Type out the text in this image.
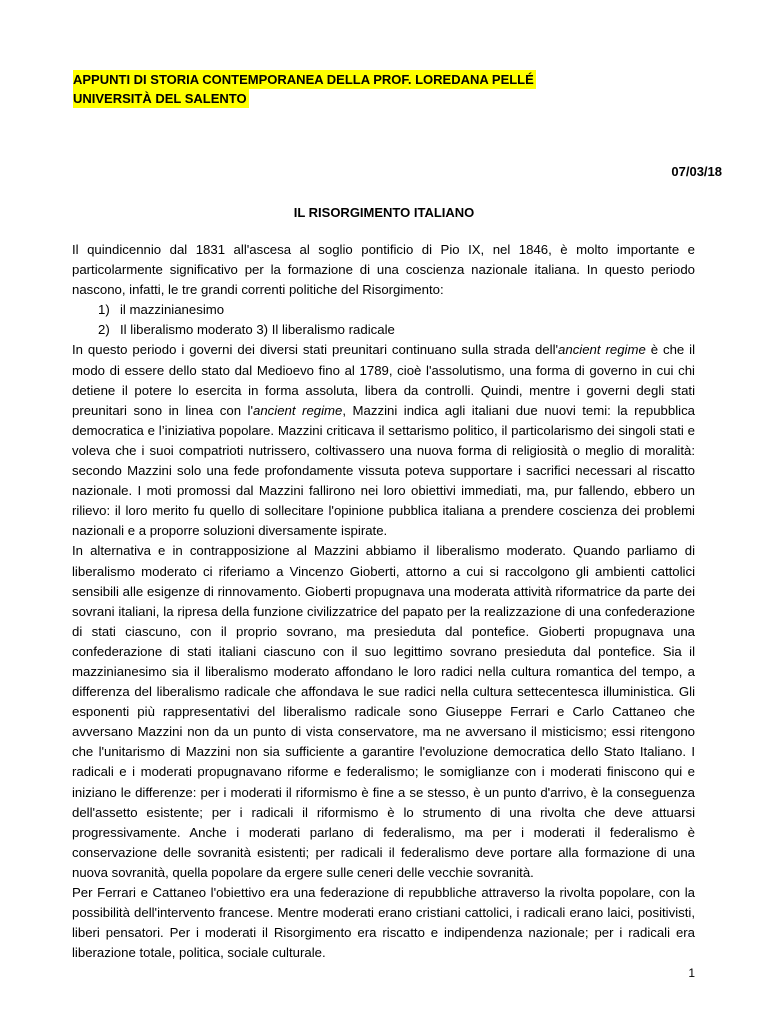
APPUNTI DI STORIA CONTEMPORANEA DELLA PROF. LOREDANA PELLÉ
UNIVERSITÀ DEL SALENTO
07/03/18
IL RISORGIMENTO ITALIANO

Il quindicennio dal 1831 all'ascesa al soglio pontificio di Pio IX, nel 1846, è molto importante e particolarmente significativo per la formazione di una coscienza nazionale italiana. In questo periodo nascono, infatti, le tre grandi correnti politiche del Risorgimento:

1) il mazzinianesimo
2) Il liberalismo moderato 3) Il liberalismo radicale

In questo periodo i governi dei diversi stati preunitari continuano sulla strada dell'ancient regime è che il modo di essere dello stato dal Medioevo fino al 1789, cioè l'assolutismo, una forma di governo in cui chi detiene il potere lo esercita in forma assoluta, libera da controlli. Quindi, mentre i governi degli stati preunitari sono in linea con l'ancient regime, Mazzini indica agli italiani due nuovi temi: la repubblica democratica e l’iniziativa popolare. Mazzini criticava il settarismo politico, il particolarismo dei singoli stati e voleva che i suoi compatrioti nutrissero, coltivassero una nuova forma di religiosità o meglio di moralità: secondo Mazzini solo una fede profondamente vissuta poteva supportare i sacrifici necessari al riscatto nazionale. I moti promossi dal Mazzini fallirono nei loro obiettivi immediati, ma, pur fallendo, ebbero un rilievo: il loro merito fu quello di sollecitare l'opinione pubblica italiana a prendere coscienza dei problemi nazionali e a proporre soluzioni diversamente ispirate.

In alternativa e in contrapposizione al Mazzini abbiamo il liberalismo moderato. Quando parliamo di liberalismo moderato ci riferiamo a Vincenzo Gioberti, attorno a cui si raccolgono gli ambienti cattolici sensibili alle esigenze di rinnovamento. Gioberti propugnava una moderata attività riformatrice da parte dei sovrani italiani, la ripresa della funzione civilizzatrice del papato per la realizzazione di una confederazione di stati ciascuno, con il proprio sovrano, ma presieduta dal pontefice. Gioberti propugnava una confederazione di stati italiani ciascuno con il suo legittimo sovrano presieduta dal pontefice. Sia il mazzinianesimo sia il liberalismo moderato affondano le loro radici nella cultura romantica del tempo, a differenza del liberalismo radicale che affondava le sue radici nella cultura settecentesca illuministica. Gli esponenti più rappresentativi del liberalismo radicale sono Giuseppe Ferrari e Carlo Cattaneo che avversano Mazzini non da un punto di vista conservatore, ma ne avversano il misticismo; essi ritengono che l'unitarismo di Mazzini non sia sufficiente a garantire l'evoluzione democratica dello Stato Italiano. I radicali e i moderati propugnavano riforme e federalismo; le somiglianze con i moderati finiscono qui e iniziano le differenze: per i moderati il riformismo è fine a se stesso, è un punto d'arrivo, è la conseguenza dell'assetto esistente; per i radicali il riformismo è lo strumento di una rivolta che deve attuarsi progressivamente. Anche i moderati parlano di federalismo, ma per i moderati il federalismo è conservazione delle sovranità esistenti; per radicali il federalismo deve portare alla formazione di una nuova sovranità, quella popolare da ergere sulle ceneri delle vecchie sovranità.

Per Ferrari e Cattaneo l'obiettivo era una federazione di repubbliche attraverso la rivolta popolare, con la possibilità dell'intervento francese. Mentre moderati erano cristiani cattolici, i radicali erano laici, positivisti, liberi pensatori. Per i moderati il Risorgimento era riscatto e indipendenza nazionale; per i radicali era liberazione totale, politica, sociale culturale.

1
